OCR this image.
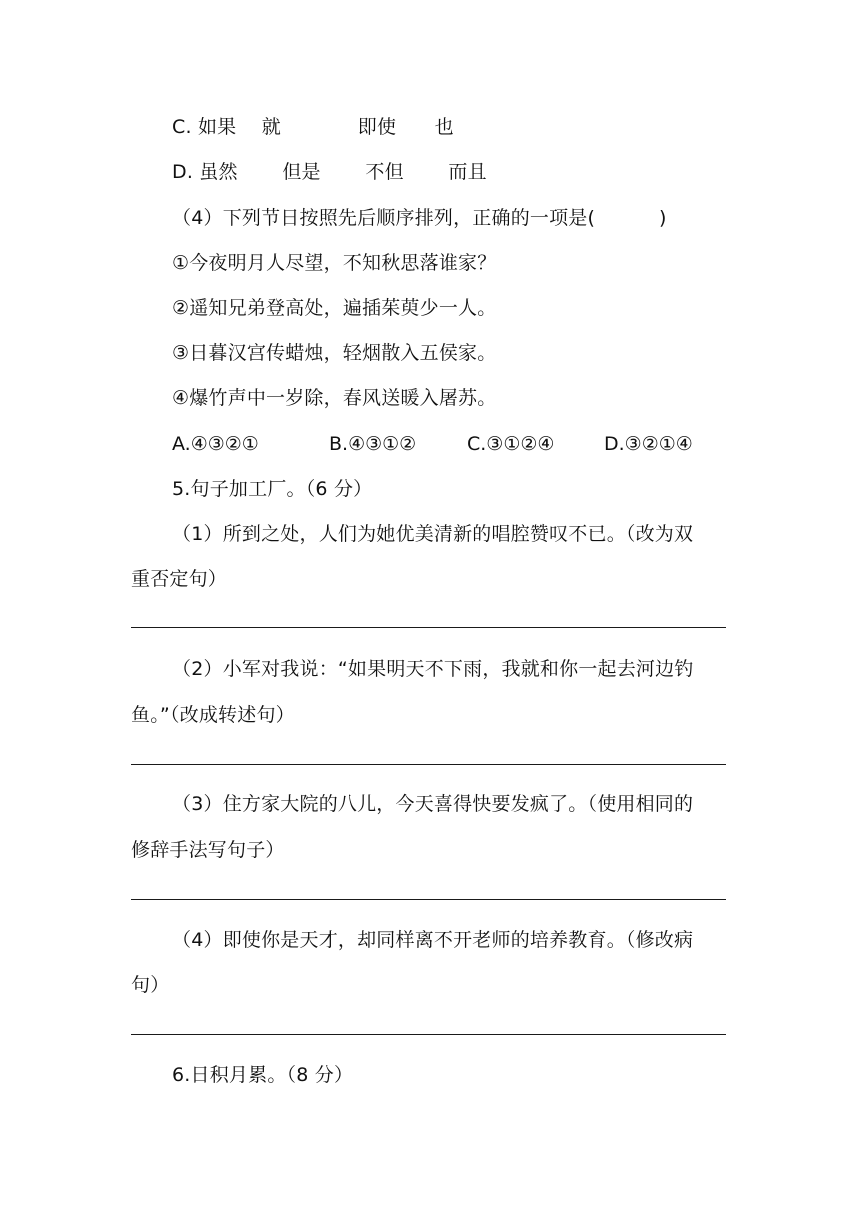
C. 如果　 就　　　　即使　　也
D. 虽然　　 但是　　 不但　　 而且
（4）下列节日按照先后顺序排列，正确的一项是(　　　 )
①今夜明月人尽望，不知秋思落谁家？
②遥知兄弟登高处，遍插茱萸少一人。
③日暮汉宫传蜡烛，轻烟散入五侯家。
④爆竹声中一岁除，春风送暖入屠苏。
A.④③②①	B.④③①②	C.③①②④	D.③②①④
5.句子加工厂。（6 分）
（1）所到之处，人们为她优美清新的唱腔赞叹不已。（改为双
重否定句）
（2）小军对我说：“如果明天不下雨，我就和你一起去河边钓
鱼。”（改成转述句）
（3）住方家大院的八儿，今天喜得快要发疯了。（使用相同的
修辞手法写句子）
（4）即使你是天才，却同样离不开老师的培养教育。（修改病
句）
6.日积月累。（8 分）
